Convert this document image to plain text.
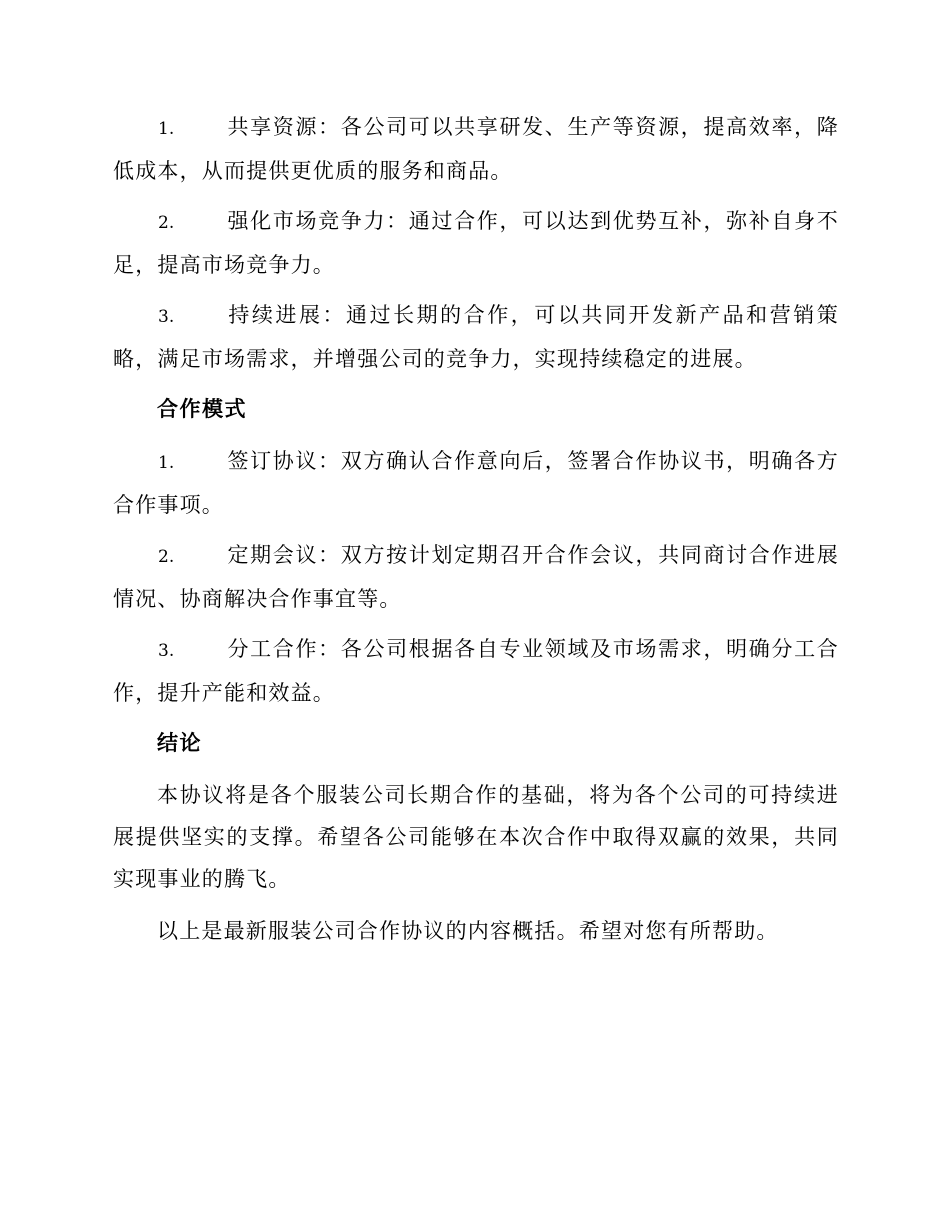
1.	共享资源：各公司可以共享研发、生产等资源，提高效率，降低成本，从而提供更优质的服务和商品。
2.	强化市场竞争力：通过合作，可以达到优势互补，弥补自身不足，提高市场竞争力。
3.	持续进展：通过长期的合作，可以共同开发新产品和营销策略，满足市场需求，并增强公司的竞争力，实现持续稳定的进展。
合作模式
1.	签订协议：双方确认合作意向后，签署合作协议书，明确各方合作事项。
2.	定期会议：双方按计划定期召开合作会议，共同商讨合作进展情况、协商解决合作事宜等。
3.	分工合作：各公司根据各自专业领域及市场需求，明确分工合作，提升产能和效益。
结论
本协议将是各个服装公司长期合作的基础，将为各个公司的可持续进展提供坚实的支撑。希望各公司能够在本次合作中取得双赢的效果，共同实现事业的腾飞。
以上是最新服装公司合作协议的内容概括。希望对您有所帮助。
